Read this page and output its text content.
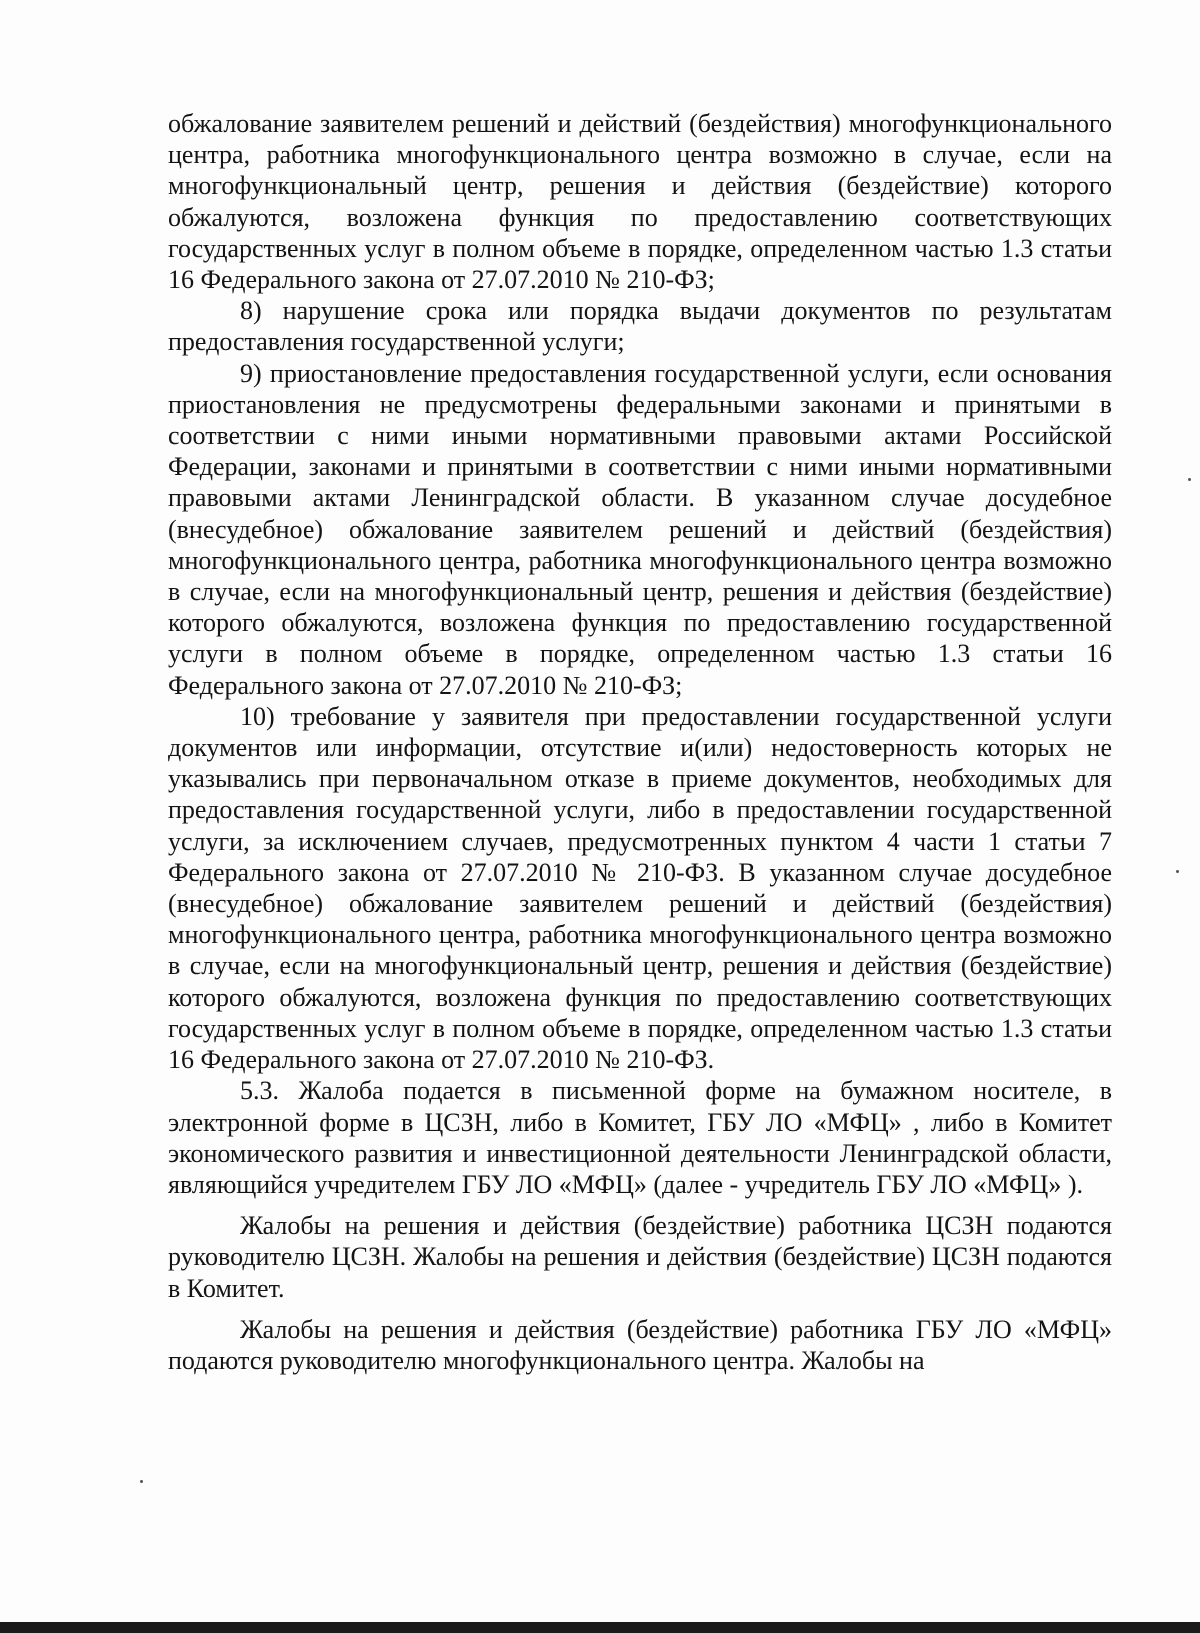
обжалование заявителем решений и действий (бездействия) многофункционального центра, работника многофункционального центра возможно в случае, если на многофункциональный центр, решения и действия (бездействие) которого обжалуются, возложена функция по предоставлению соответствующих государственных услуг в полном объеме в порядке, определенном частью 1.3 статьи 16 Федерального закона от 27.07.2010 № 210-ФЗ;

8) нарушение срока или порядка выдачи документов по результатам предоставления государственной услуги;

9) приостановление предоставления государственной услуги, если основания приостановления не предусмотрены федеральными законами и принятыми в соответствии с ними иными нормативными правовыми актами Российской Федерации, законами и принятыми в соответствии с ними иными нормативными правовыми актами Ленинградской области. В указанном случае досудебное (внесудебное) обжалование заявителем решений и действий (бездействия) многофункционального центра, работника многофункционального центра возможно в случае, если на многофункциональный центр, решения и действия (бездействие) которого обжалуются, возложена функция по предоставлению государственной услуги в полном объеме в порядке, определенном частью 1.3 статьи 16 Федерального закона от 27.07.2010 № 210-ФЗ;

10) требование у заявителя при предоставлении государственной услуги документов или информации, отсутствие и(или) недостоверность которых не указывались при первоначальном отказе в приеме документов, необходимых для предоставления государственной услуги, либо в предоставлении государственной услуги, за исключением случаев, предусмотренных пунктом 4 части 1 статьи 7 Федерального закона от 27.07.2010 № 210-ФЗ. В указанном случае досудебное (внесудебное) обжалование заявителем решений и действий (бездействия) многофункционального центра, работника многофункционального центра возможно в случае, если на многофункциональный центр, решения и действия (бездействие) которого обжалуются, возложена функция по предоставлению соответствующих государственных услуг в полном объеме в порядке, определенном частью 1.3 статьи 16 Федерального закона от 27.07.2010 № 210-ФЗ.

5.3. Жалоба подается в письменной форме на бумажном носителе, в электронной форме в ЦСЗН, либо в Комитет, ГБУ ЛО «МФЦ» , либо в Комитет экономического развития и инвестиционной деятельности Ленинградской области, являющийся учредителем ГБУ ЛО «МФЦ» (далее - учредитель ГБУ ЛО «МФЦ» ).

Жалобы на решения и действия (бездействие) работника ЦСЗН подаются руководителю ЦСЗН. Жалобы на решения и действия (бездействие) ЦСЗН подаются в Комитет.

Жалобы на решения и действия (бездействие) работника ГБУ ЛО «МФЦ» подаются руководителю многофункционального центра. Жалобы на
